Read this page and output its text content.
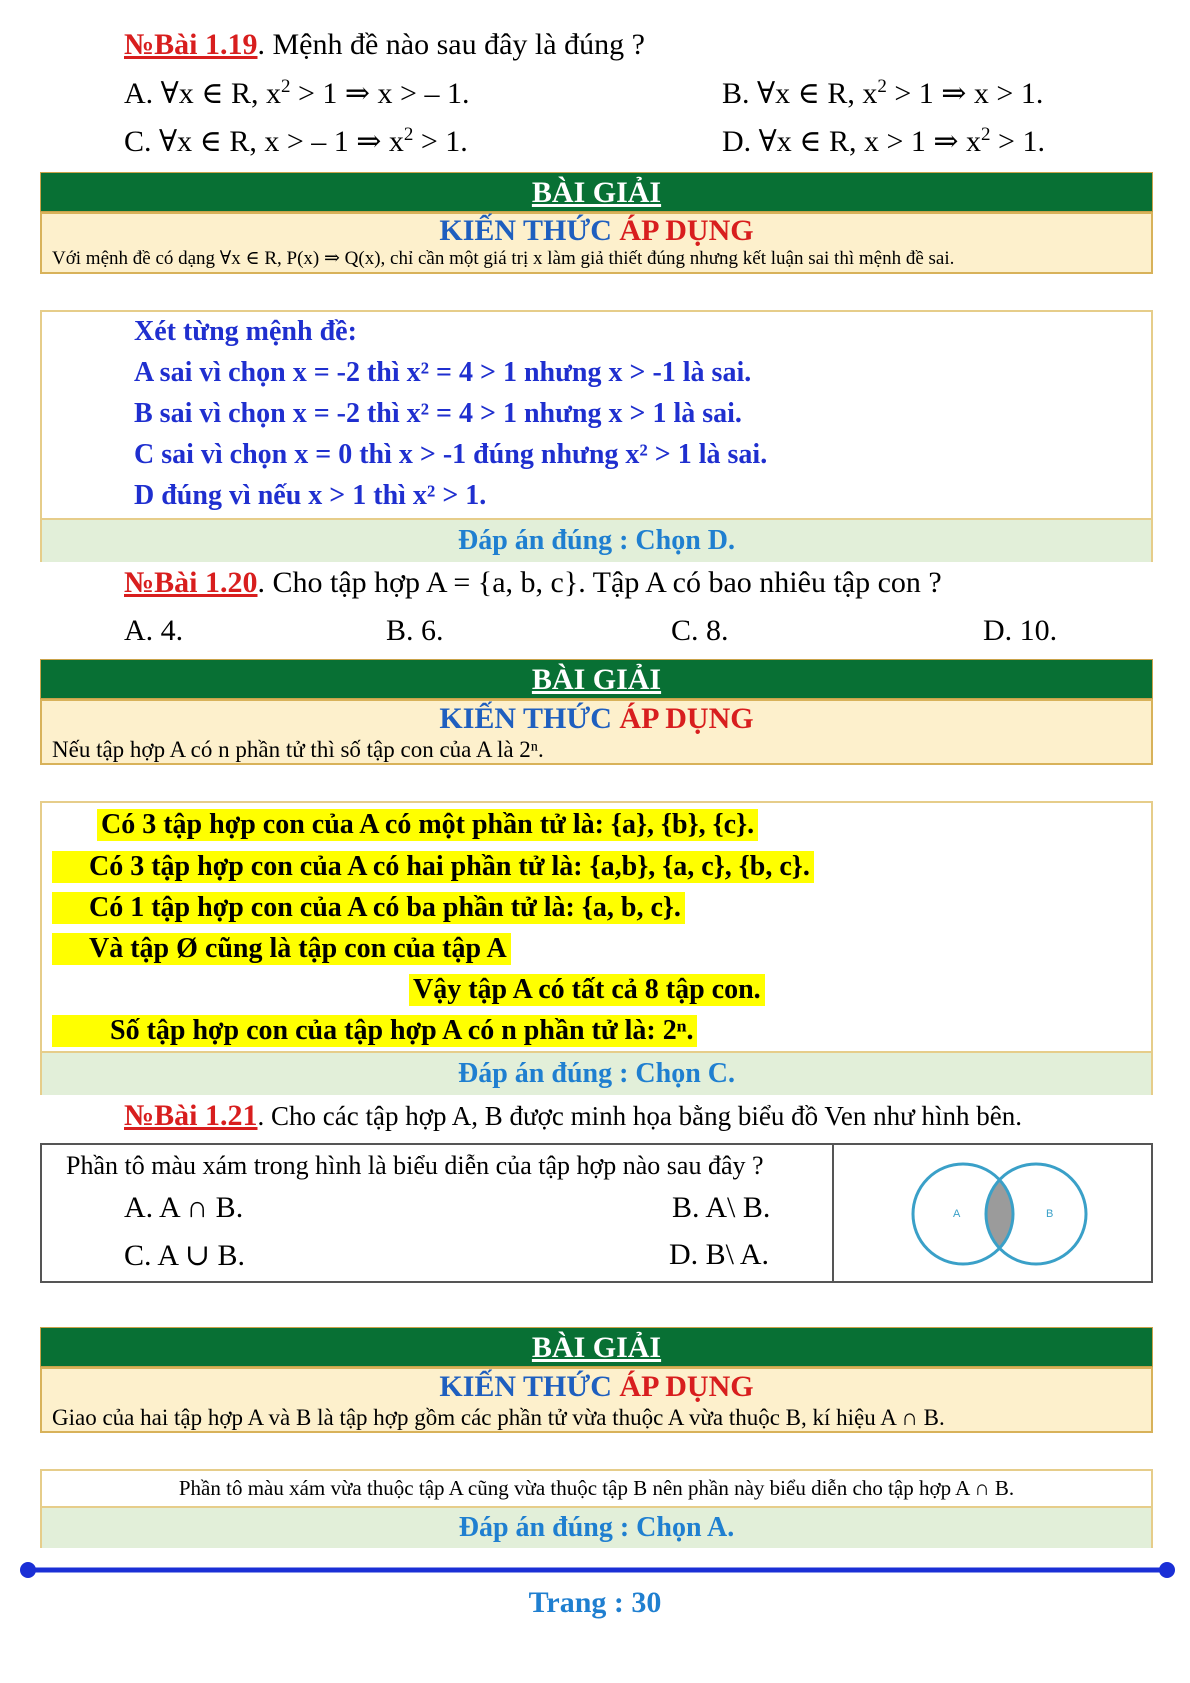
№Bài 1.19. Mệnh đề nào sau đây là đúng ?
A. ∀x ∈ R, $x^2 > 1$ ⇒ x > – 1.	B. ∀x ∈ R, $x^2 > 1$ ⇒ x > 1.
C. ∀x ∈ R, x > – 1 ⇒ $x^2 > 1$.	D. ∀x ∈ R, x > 1 ⇒ $x^2 > 1$.
BÀI GIẢI
KIẾN THỨC ÁP DỤNG
Với mệnh đề có dạng ∀x ∈ R, P(x) ⇒ Q(x), chỉ cần một giá trị x làm giả thiết đúng nhưng kết luận sai thì mệnh đề sai.
Xét từng mệnh đề:
A sai vì chọn x = -2 thì x² = 4 > 1 nhưng x > -1 là sai.
B sai vì chọn x = -2 thì x² = 4 > 1 nhưng x > 1 là sai.
C sai vì chọn x = 0 thì x > -1 đúng nhưng x² > 1 là sai.
D đúng vì nếu x > 1 thì x² > 1.
Đáp án đúng : Chọn D.
№Bài 1.20. Cho tập hợp A = {a, b, c}. Tập A có bao nhiêu tập con ?
A. 4.	B. 6.	C. 8.	D. 10.
BÀI GIẢI
KIẾN THỨC ÁP DỤNG
Nếu tập hợp A có n phần tử thì số tập con của A là 2ⁿ.
Có 3 tập hợp con của A có một phần tử là: {a}, {b}, {c}.
Có 3 tập hợp con của A có hai phần tử là: {a,b}, {a, c}, {b, c}.
Có 1 tập hợp con của A có ba phần tử là: {a, b, c}.
Và tập Ø cũng là tập con của tập A
Vậy tập A có tất cả 8 tập con.
Số tập hợp con của tập hợp A có n phần tử là: 2ⁿ.
Đáp án đúng : Chọn C.
№Bài 1.21. Cho các tập hợp A, B được minh họa bằng biểu đồ Ven như hình bên.
Phần tô màu xám trong hình là biểu diễn của tập hợp nào sau đây ?
A. A ∩ B.	B. A\ B.
C. A ∪ B.	D. B\ A.
A	B
BÀI GIẢI
KIẾN THỨC ÁP DỤNG
Giao của hai tập hợp A và B là tập hợp gồm các phần tử vừa thuộc A vừa thuộc B, kí hiệu A ∩ B.
Phần tô màu xám vừa thuộc tập A cũng vừa thuộc tập B nên phần này biểu diễn cho tập hợp A ∩ B.
Đáp án đúng : Chọn A.
Trang : 30
